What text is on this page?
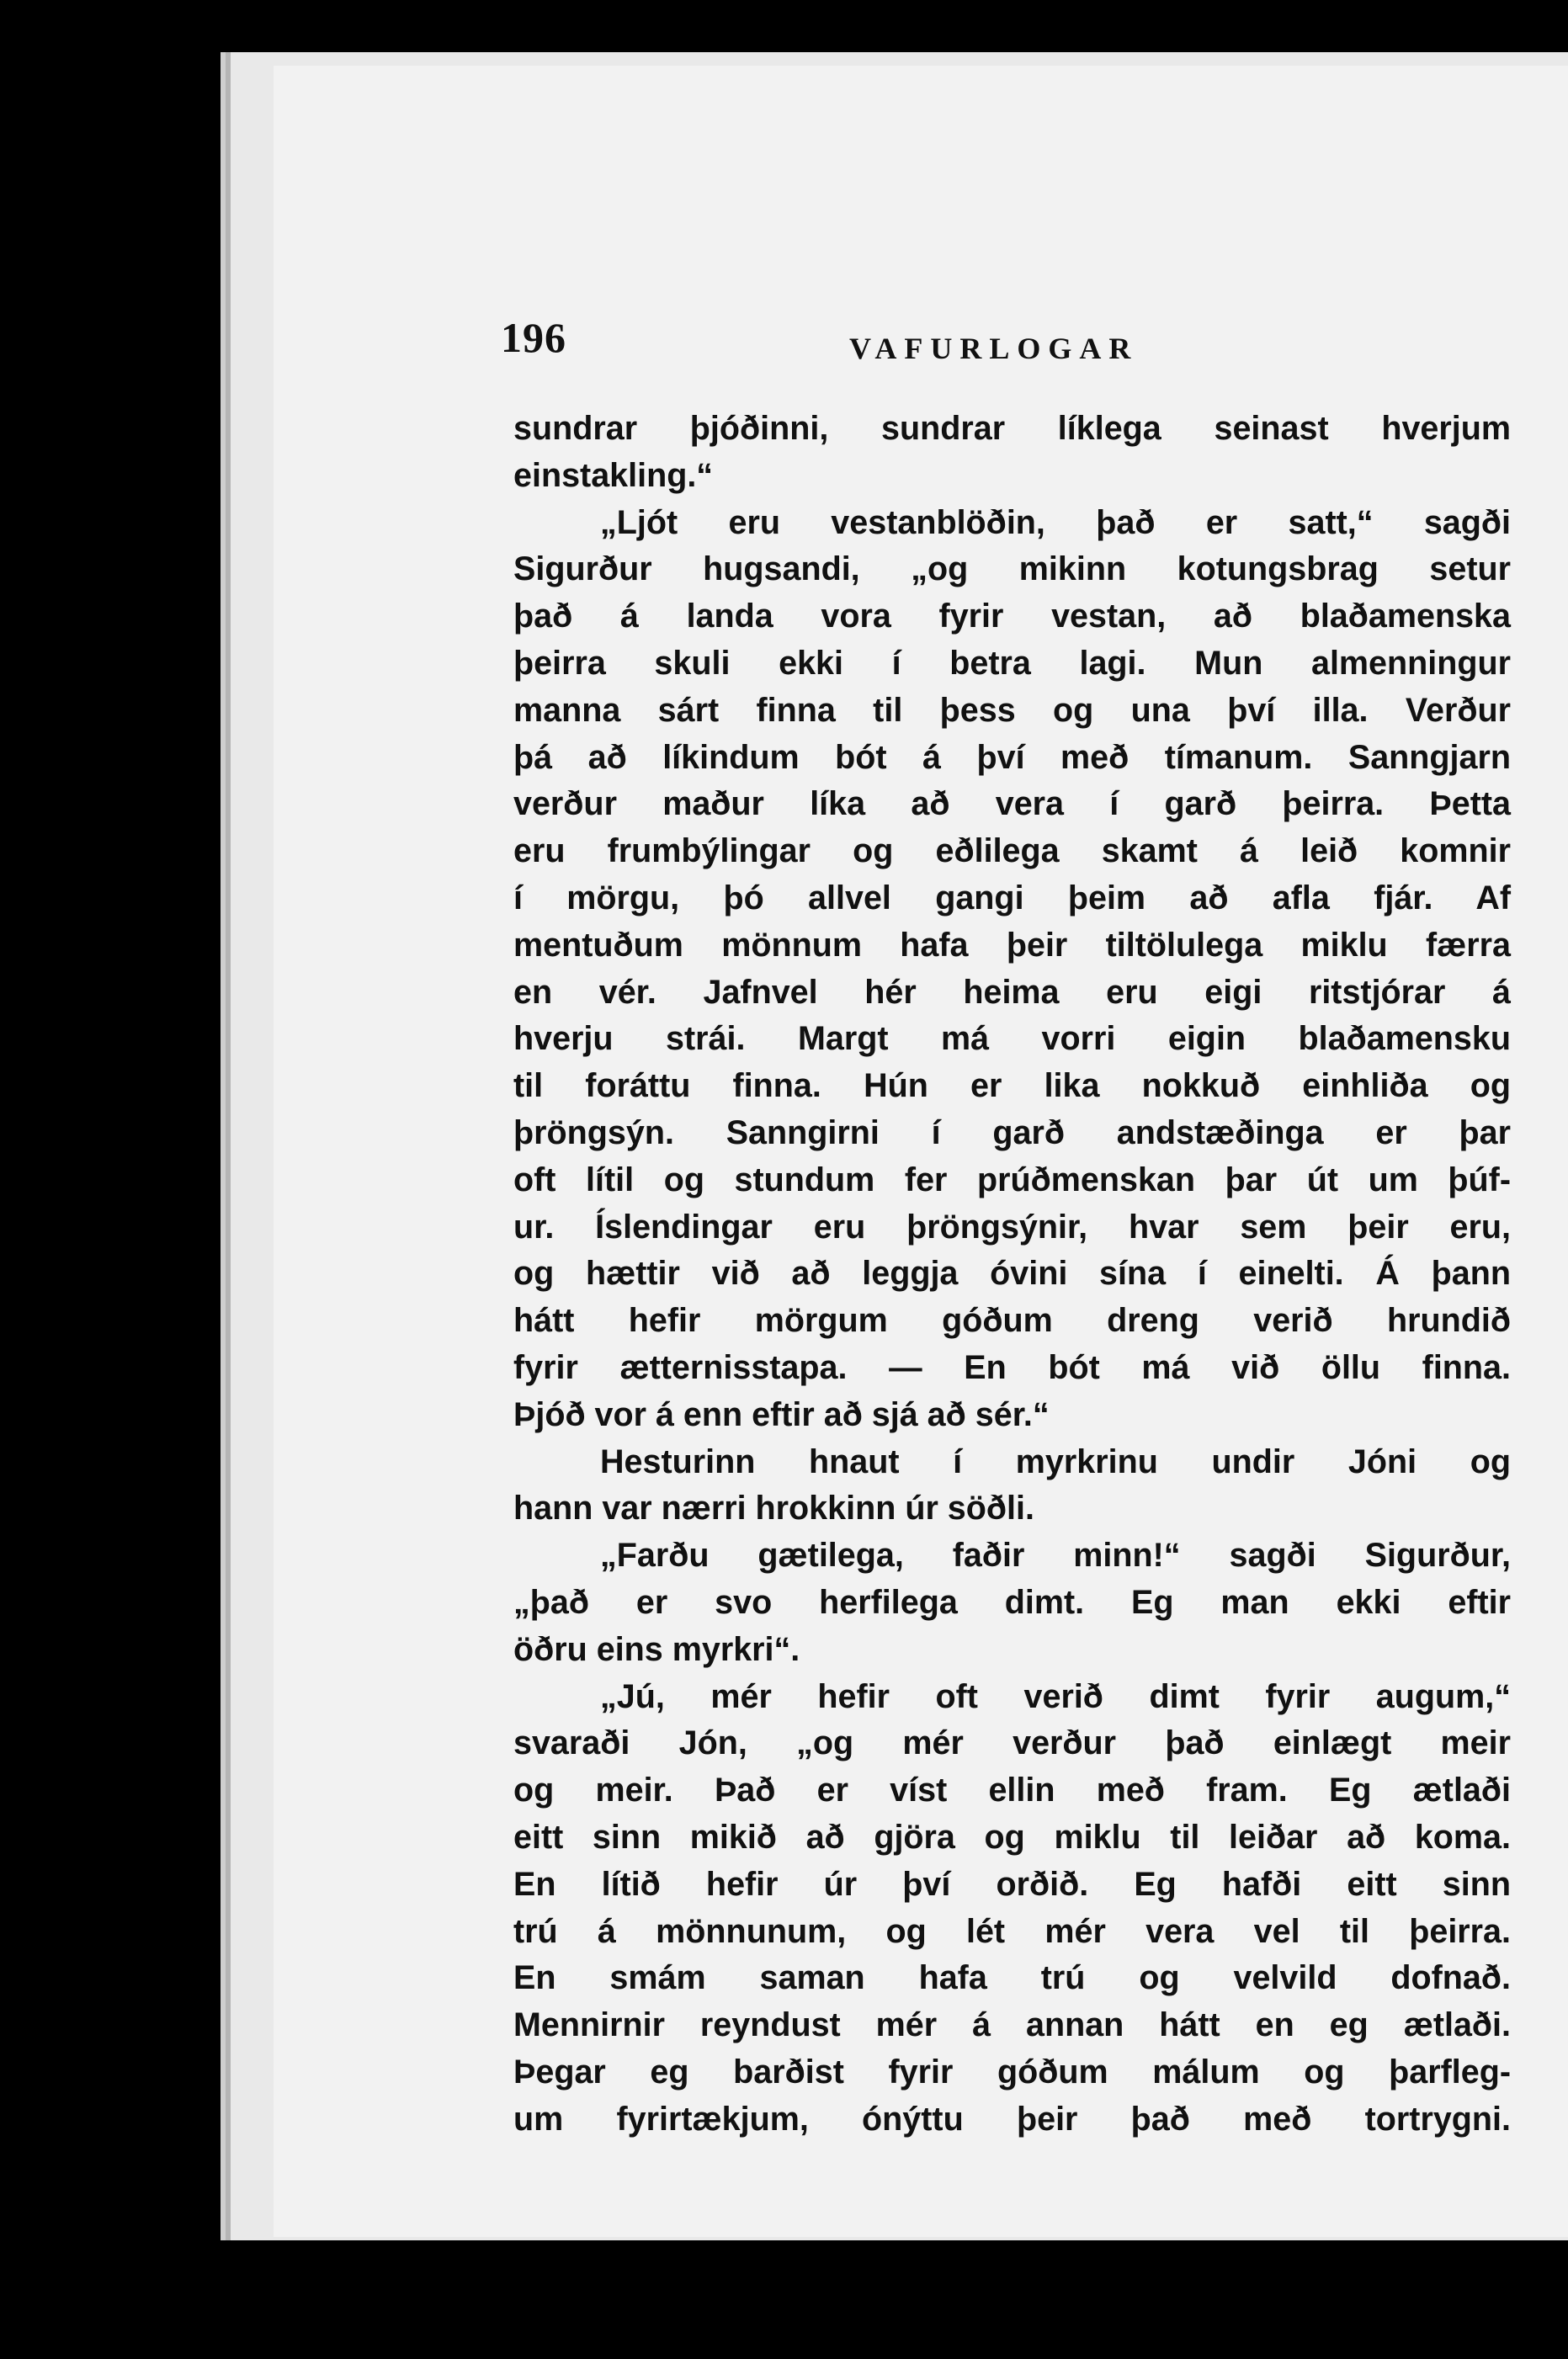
196	VAFURLOGAR
sundrar þjóðinni, sundrar líklega seinast hverjum
einstakling.“
„Ljót eru vestanblöðin, það er satt,“ sagði
Sigurður hugsandi, „og mikinn kotungsbrag setur
það á landa vora fyrir vestan, að blaðamenska
þeirra skuli ekki í betra lagi. Mun almenningur
manna sárt finna til þess og una því illa. Verður
þá að líkindum bót á því með tímanum. Sanngjarn
verður maður líka að vera í garð þeirra. Þetta
eru frumbýlingar og eðlilega skamt á leið komnir
í mörgu, þó allvel gangi þeim að afla fjár. Af
mentuðum mönnum hafa þeir tiltölulega miklu færra
en vér. Jafnvel hér heima eru eigi ritstjórar á
hverju strái. Margt má vorri eigin blaðamensku
til foráttu finna. Hún er lika nokkuð einhliða og
þröngsýn. Sanngirni í garð andstæðinga er þar
oft lítil og stundum fer prúðmenskan þar út um þúf-
ur. Íslendingar eru þröngsýnir, hvar sem þeir eru,
og hættir við að leggja óvini sína í einelti. Á þann
hátt hefir mörgum góðum dreng verið hrundið
fyrir ætternisstapa. — En bót má við öllu finna.
Þjóð vor á enn eftir að sjá að sér.“
Hesturinn hnaut í myrkrinu undir Jóni og
hann var nærri hrokkinn úr söðli.
„Farðu gætilega, faðir minn!“ sagði Sigurður,
„það er svo herfilega dimt. Eg man ekki eftir
öðru eins myrkri“.
„Jú, mér hefir oft verið dimt fyrir augum,“
svaraði Jón, „og mér verður það einlægt meir
og meir. Það er víst ellin með fram. Eg ætlaði
eitt sinn mikið að gjöra og miklu til leiðar að koma.
En lítið hefir úr því orðið. Eg hafði eitt sinn
trú á mönnunum, og lét mér vera vel til þeirra.
En smám saman hafa trú og velvild dofnað.
Mennirnir reyndust mér á annan hátt en eg ætlaði.
Þegar eg barðist fyrir góðum málum og þarfleg-
um fyrirtækjum, ónýttu þeir það með tortrygni.
